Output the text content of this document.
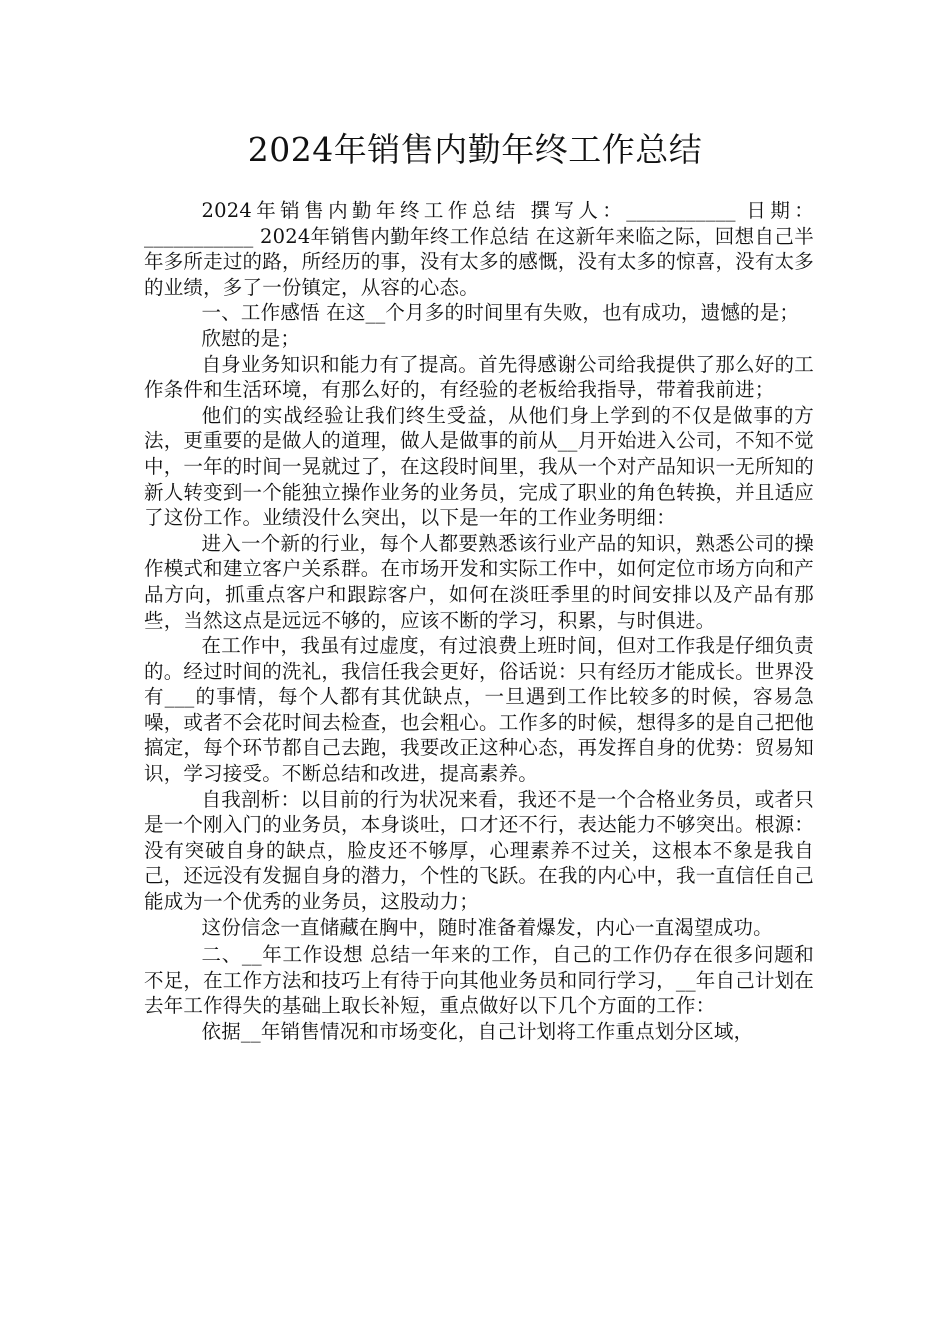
2024年销售内勤年终工作总结

2024年销售内勤年终工作总结 撰写人：___________ 日期：___________ 2024年销售内勤年终工作总结 在这新年来临之际，回想自己半年多所走过的路，所经历的事，没有太多的感慨，没有太多的惊喜，没有太多的业绩，多了一份镇定，从容的心态。

一、工作感悟 在这__个月多的时间里有失败，也有成功，遗憾的是；

欣慰的是；

自身业务知识和能力有了提高。首先得感谢公司给我提供了那么好的工作条件和生活环境，有那么好的，有经验的老板给我指导，带着我前进；

他们的实战经验让我们终生受益，从他们身上学到的不仅是做事的方法，更重要的是做人的道理，做人是做事的前从__月开始进入公司，不知不觉中，一年的时间一晃就过了，在这段时间里，我从一个对产品知识一无所知的新人转变到一个能独立操作业务的业务员，完成了职业的角色转换，并且适应了这份工作。业绩没什么突出，以下是一年的工作业务明细：

进入一个新的行业，每个人都要熟悉该行业产品的知识，熟悉公司的操作模式和建立客户关系群。在市场开发和实际工作中，如何定位市场方向和产品方向，抓重点客户和跟踪客户，如何在淡旺季里的时间安排以及产品有那些，当然这点是远远不够的，应该不断的学习，积累，与时俱进。

在工作中，我虽有过虚度，有过浪费上班时间，但对工作我是仔细负责的。经过时间的洗礼，我信任我会更好，俗话说：只有经历才能成长。世界没有___的事情，每个人都有其优缺点，一旦遇到工作比较多的时候，容易急噪，或者不会花时间去检查，也会粗心。工作多的时候，想得多的是自己把他搞定，每个环节都自己去跑，我要改正这种心态，再发挥自身的优势：贸易知识，学习接受。不断总结和改进，提高素养。

自我剖析：以目前的行为状况来看，我还不是一个合格业务员，或者只是一个刚入门的业务员，本身谈吐，口才还不行，表达能力不够突出。根源：没有突破自身的缺点，脸皮还不够厚，心理素养不过关，这根本不象是我自己，还远没有发掘自身的潜力，个性的飞跃。在我的内心中，我一直信任自己能成为一个优秀的业务员，这股动力；

这份信念一直储藏在胸中，随时准备着爆发，内心一直渴望成功。

二、__年工作设想 总结一年来的工作，自己的工作仍存在很多问题和不足，在工作方法和技巧上有待于向其他业务员和同行学习，__年自己计划在去年工作得失的基础上取长补短，重点做好以下几个方面的工作：

依据__年销售情况和市场变化，自己计划将工作重点划分区域，
